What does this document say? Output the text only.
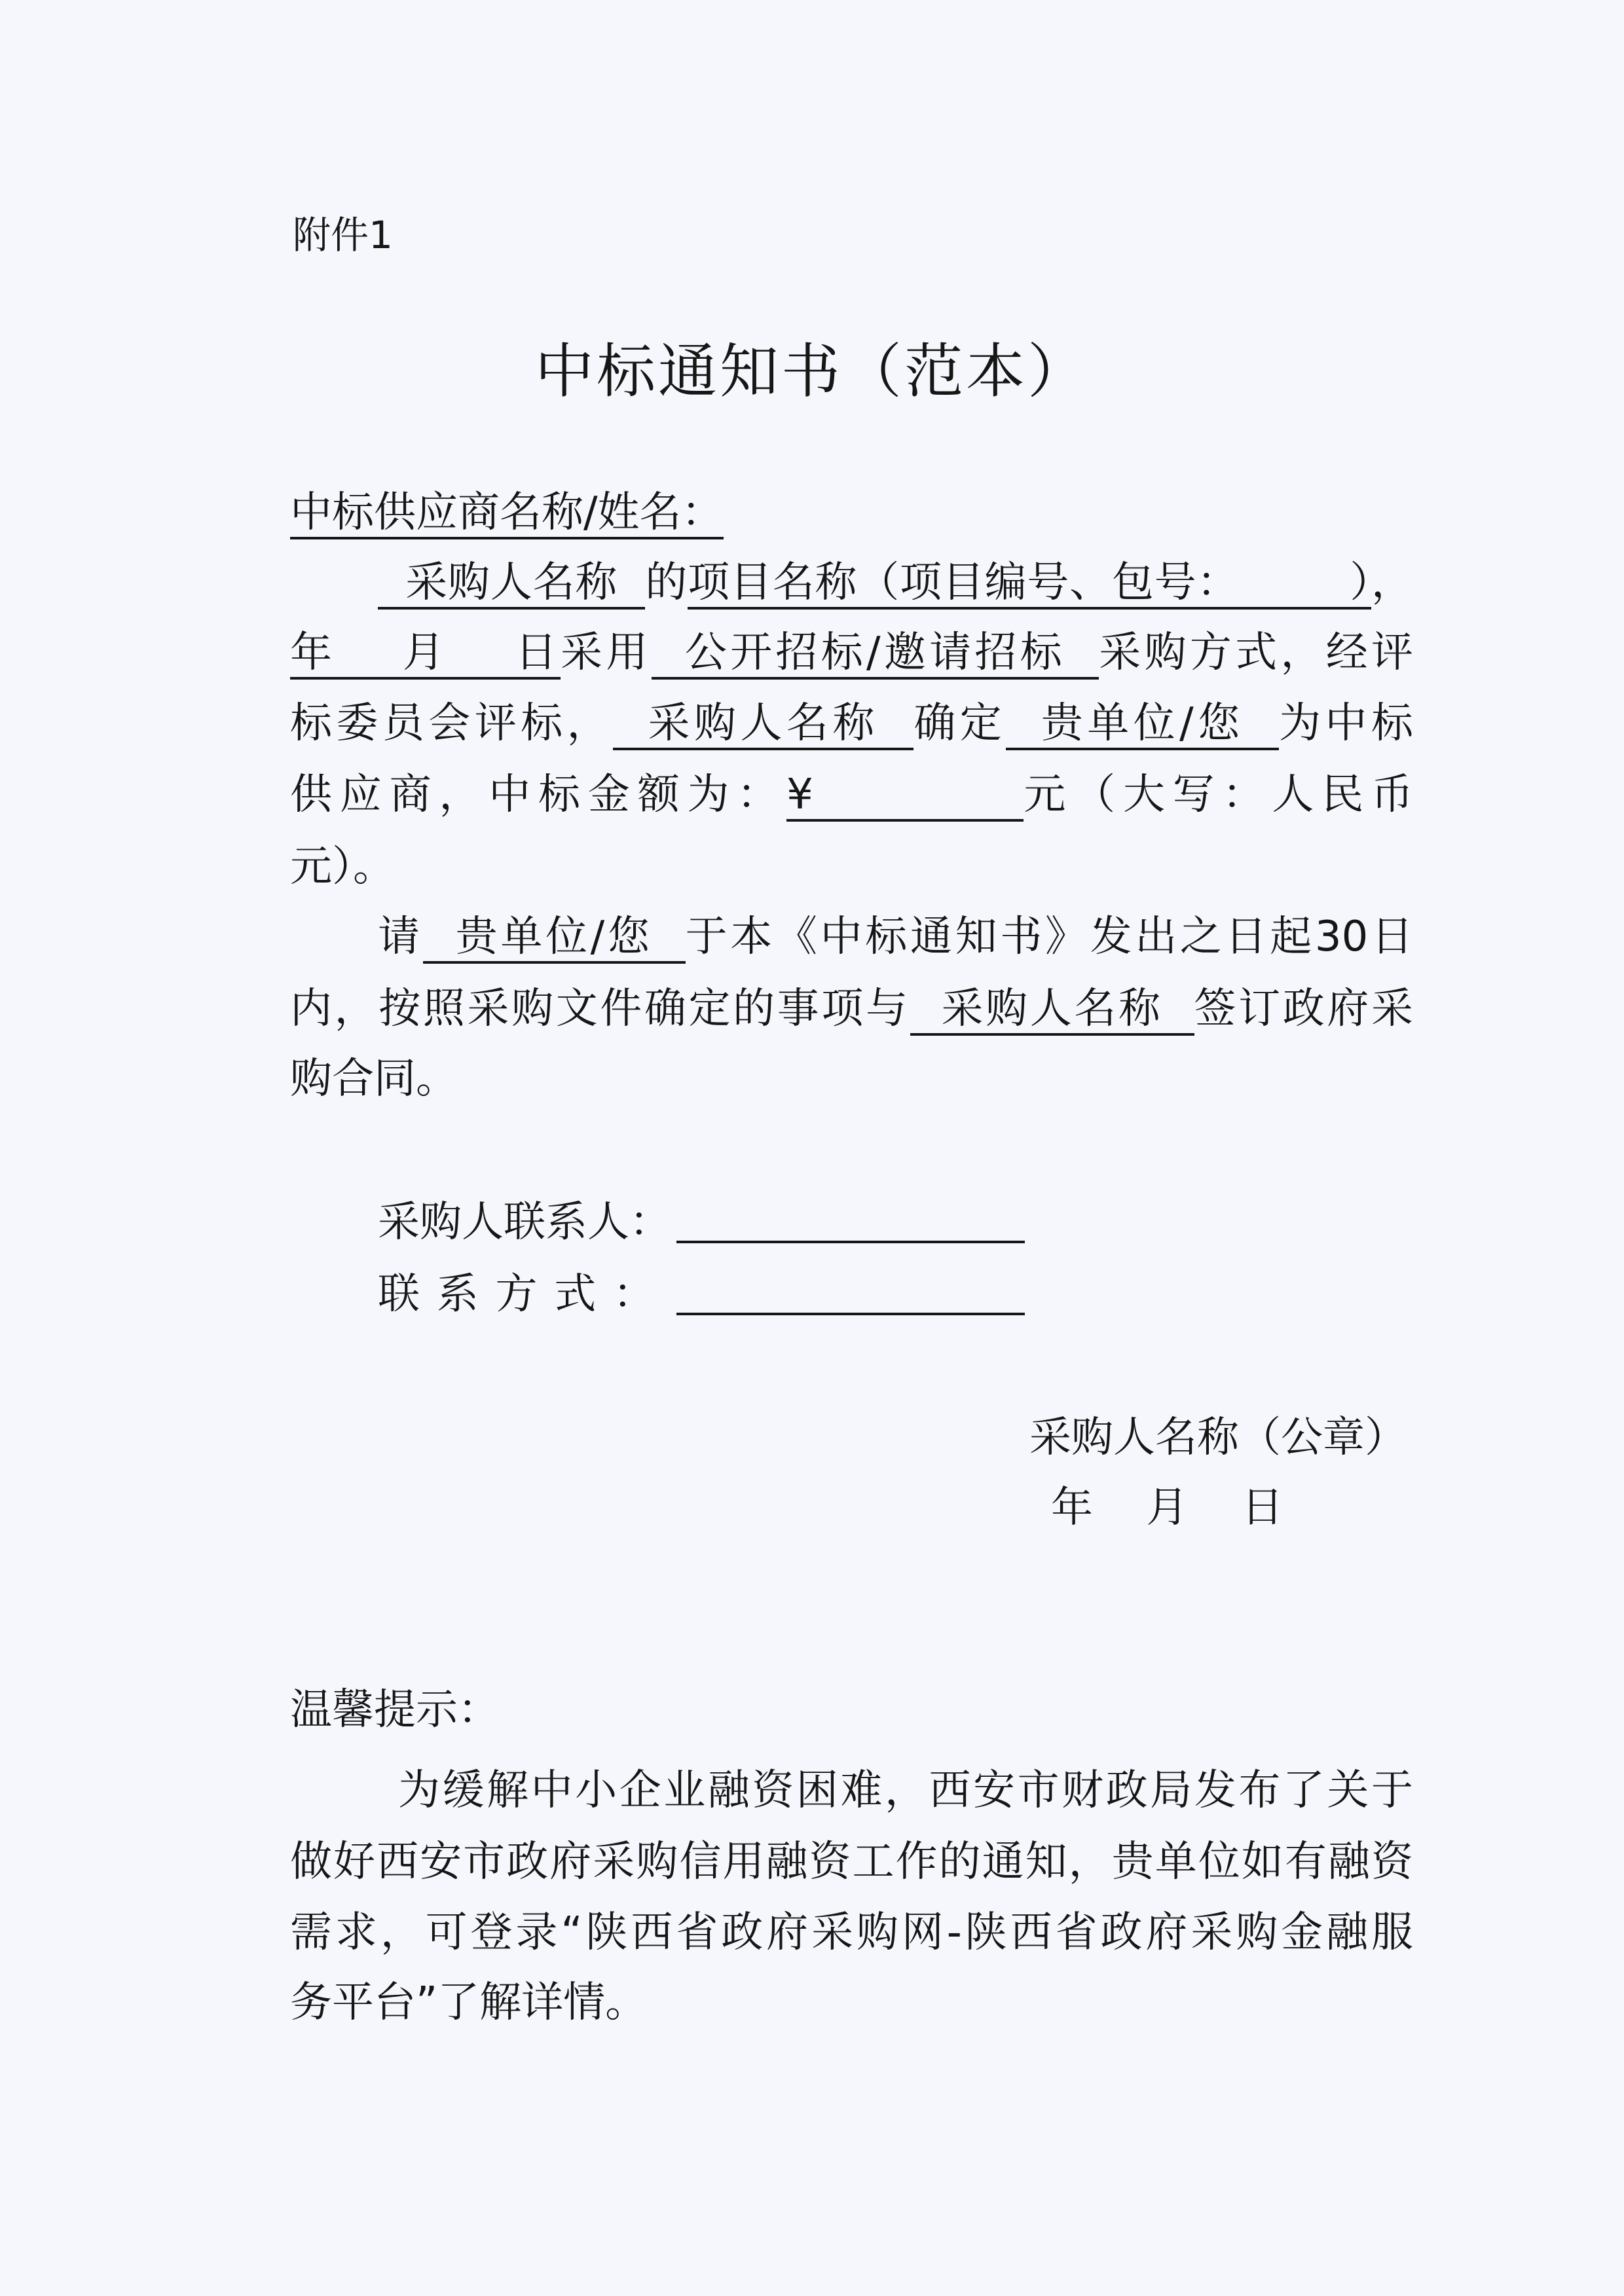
附件1
中标通知书（范本）
中标供应商名称/姓名：
采购人名称  的项目名称（项目编号、包号：        ），
年    月    日采用  公开招标/邀请招标  采购方式，经评
标委员会评标，  采购人名称  确定  贵单位/您  为中标
供应商，中标金额为：¥          元（大写：人民币
元）。
请  贵单位/您  于本《中标通知书》发出之日起30日
内，按照采购文件确定的事项与  采购人名称  签订政府采
购合同。
采购人联系人：
联 系 方 式 ：
采购人名称（公章）
年    月    日
温馨提示：
为缓解中小企业融资困难，西安市财政局发布了关于
做好西安市政府采购信用融资工作的通知，贵单位如有融资
需求，可登录“陕西省政府采购网-陕西省政府采购金融服
务平台”了解详情。
